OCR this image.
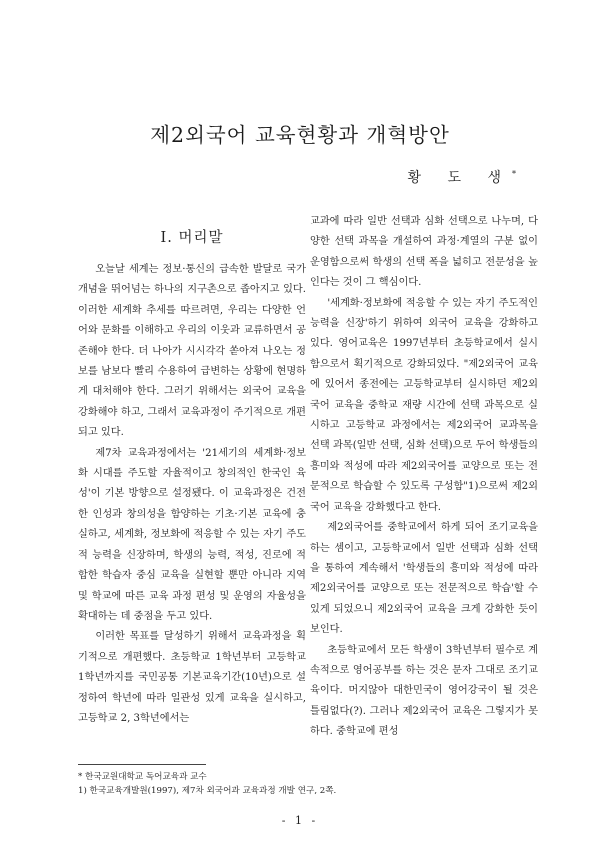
제2외국어 교육현황과 개혁방안
황 도 생*
I. 머리말

오늘날 세계는 정보·통신의 급속한 발달로 국가 개념을 뛰어넘는 하나의 지구촌으로 좁아지고 있다. 이러한 세계화 추세를 따르려면, 우리는 다양한 언어와 문화를 이해하고 우리의 이웃과 교류하면서 공존해야 한다. 더 나아가 시시각각 쏟아져 나오는 정보를 남보다 빨리 수용하여 급변하는 상황에 현명하게 대처해야 한다. 그러기 위해서는 외국어 교육을 강화해야 하고, 그래서 교육과정이 주기적으로 개편되고 있다.

제7차 교육과정에서는 '21세기의 세계화·정보화 시대를 주도할 자율적이고 창의적인 한국인 육성'이 기본 방향으로 설정됐다. 이 교육과정은 건전한 인성과 창의성을 함양하는 기초·기본 교육에 충실하고, 세계화, 정보화에 적응할 수 있는 자기 주도적 능력을 신장하며, 학생의 능력, 적성, 진로에 적합한 학습자 중심 교육을 실현할 뿐만 아니라 지역 및 학교에 따른 교육 과정 편성 및 운영의 자율성을 확대하는 데 중점을 두고 있다.

이러한 목표를 달성하기 위해서 교육과정을 획기적으로 개편했다. 초등학교 1학년부터 고등학교 1학년까지를 국민공통 기본교육기간(10년)으로 설정하여 학년에 따라 일관성 있게 교육을 실시하고, 고등학교 2, 3학년에서는

교과에 따라 일반 선택과 심화 선택으로 나누며, 다양한 선택 과목을 개설하여 과정·계열의 구분 없이 운영함으로써 학생의 선택 폭을 넓히고 전문성을 높인다는 것이 그 핵심이다.

'세계화·정보화에 적응할 수 있는 자기 주도적인 능력을 신장'하기 위하여 외국어 교육을 강화하고 있다. 영어교육은 1997년부터 초등학교에서 실시함으로서 획기적으로 강화되었다. "제2외국어 교육에 있어서 종전에는 고등학교부터 실시하던 제2외국어 교육을 중학교 재량 시간에 선택 과목으로 실시하고 고등학교 과정에서는 제2외국어 교과목을 선택 과목(일반 선택, 심화 선택)으로 두어 학생들의 흥미와 적성에 따라 제2외국어를 교양으로 또는 전문적으로 학습할 수 있도록 구성함"1)으로써 제2외국어 교육을 강화했다고 한다.

제2외국어를 중학교에서 하게 되어 조기교육을 하는 셈이고, 고등학교에서 일반 선택과 심화 선택을 통하여 계속해서 '학생들의 흥미와 적성에 따라 제2외국어를 교양으로 또는 전문적으로 학습'할 수 있게 되었으니 제2외국어 교육을 크게 강화한 듯이 보인다.

초등학교에서 모든 학생이 3학년부터 필수로 계속적으로 영어공부를 하는 것은 문자 그대로 조기교육이다. 머지않아 대한민국이 영어강국이 될 것은 틀림없다(?). 그러나 제2외국어 교육은 그렇지가 못하다. 중학교에 편성

* 한국교원대학교 독어교육과 교수
1) 한국교육개발원(1997), 제7차 외국어과 교육과정 개발 연구, 2쪽.
- 1 -
